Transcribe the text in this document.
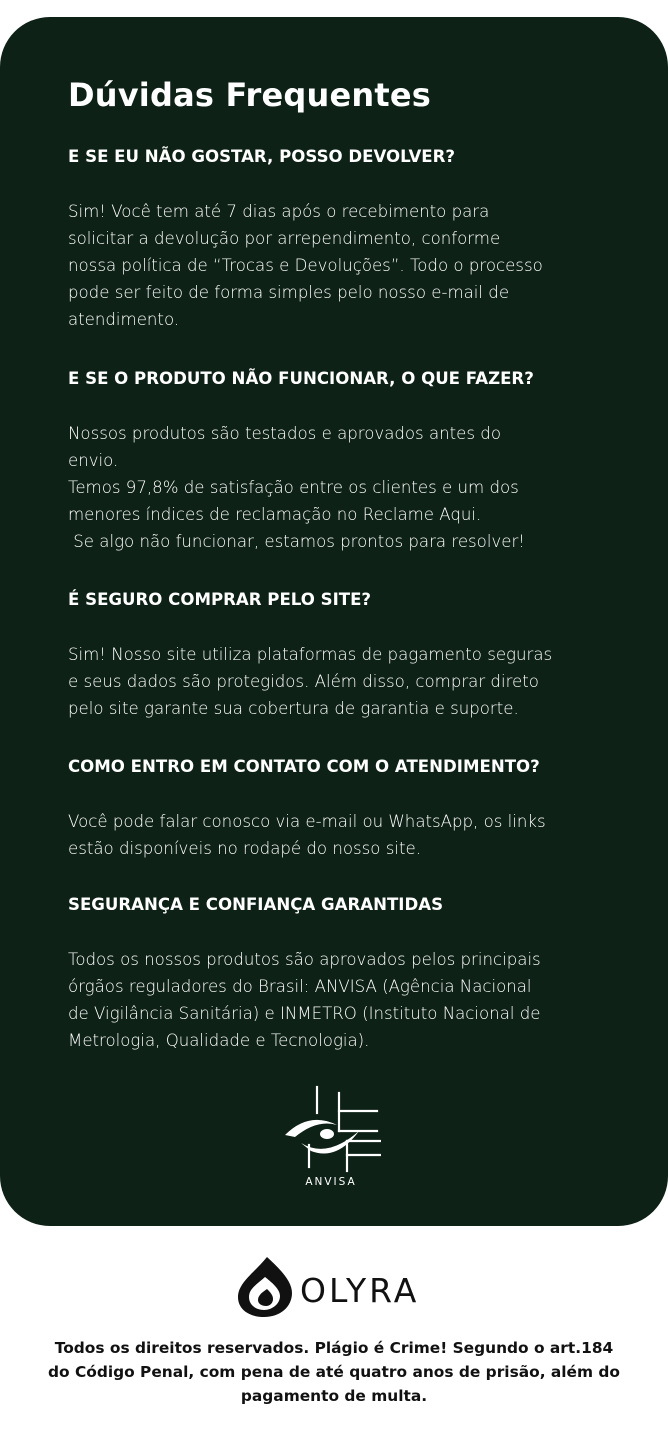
Dúvidas Frequentes
E SE EU NÃO GOSTAR, POSSO DEVOLVER?

Sim! Você tem até 7 dias após o recebimento para

solicitar a devolução por arrependimento, conforme

nossa política de “Trocas e Devoluções”. Todo o processo

pode ser feito de forma simples pelo nosso e-mail de

atendimento.

E SE O PRODUTO NÃO FUNCIONAR, O QUE FAZER?

Nossos produtos são testados e aprovados antes do

envio.

Temos 97,8% de satisfação entre os clientes e um dos

menores índices de reclamação no Reclame Aqui.

Se algo não funcionar, estamos prontos para resolver!

É SEGURO COMPRAR PELO SITE?

Sim! Nosso site utiliza plataformas de pagamento seguras

e seus dados são protegidos. Além disso, comprar direto

pelo site garante sua cobertura de garantia e suporte.

COMO ENTRO EM CONTATO COM O ATENDIMENTO?

Você pode falar conosco via e-mail ou WhatsApp, os links

estão disponíveis no rodapé do nosso site.

SEGURANÇA E CONFIANÇA GARANTIDAS

Todos os nossos produtos são aprovados pelos principais

órgãos reguladores do Brasil: ANVISA (Agência Nacional

de Vigilância Sanitária) e INMETRO (Instituto Nacional de

Metrologia, Qualidade e Tecnologia).

ANVISA
OLYRA

Todos os direitos reservados. Plágio é Crime! Segundo o art.184

do Código Penal, com pena de até quatro anos de prisão, além do

pagamento de multa.
